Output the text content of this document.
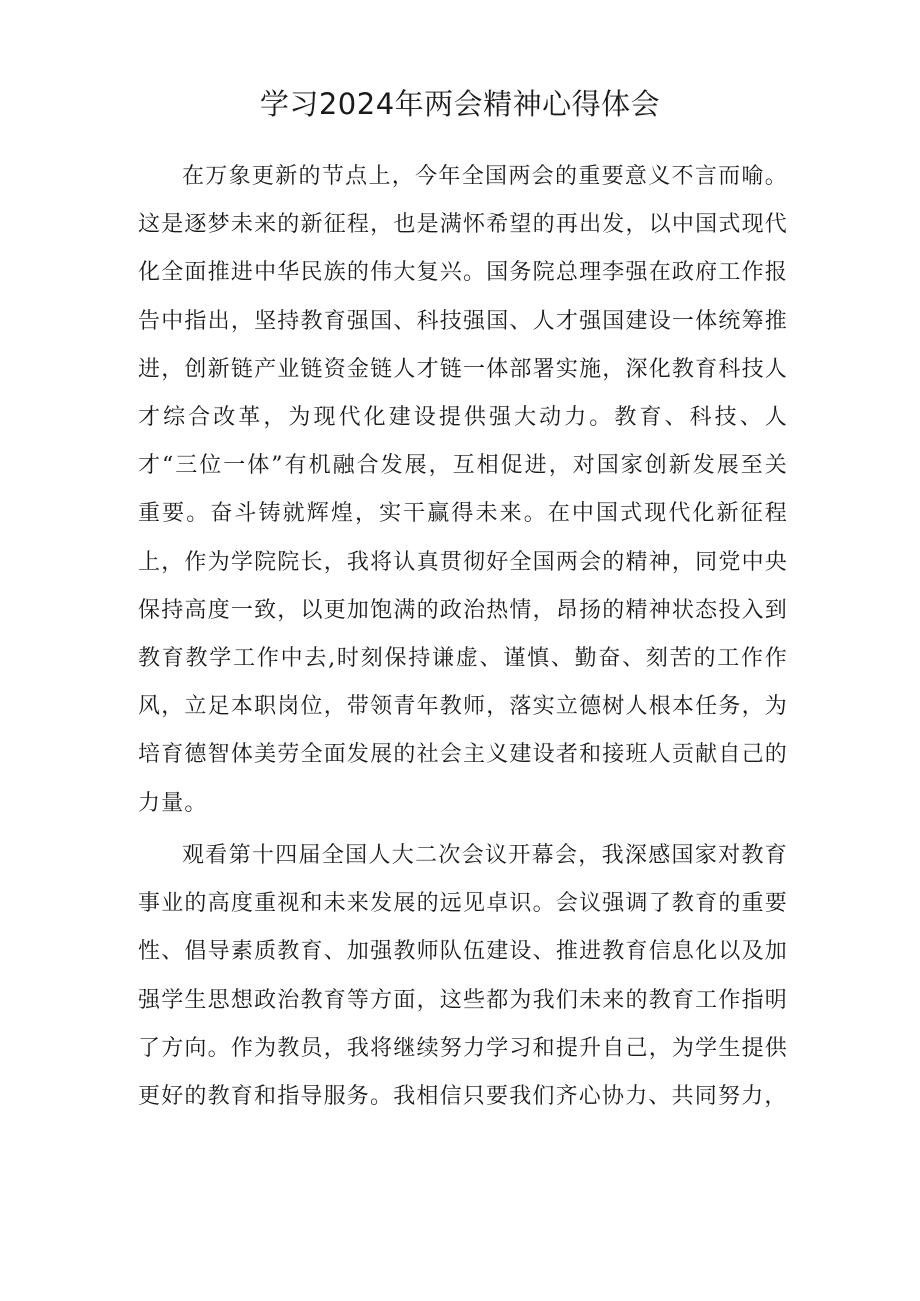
学习2024年两会精神心得体会

在万象更新的节点上，今年全国两会的重要意义不言而喻。这是逐梦未来的新征程，也是满怀希望的再出发，以中国式现代化全面推进中华民族的伟大复兴。国务院总理李强在政府工作报告中指出，坚持教育强国、科技强国、人才强国建设一体统筹推进，创新链产业链资金链人才链一体部署实施，深化教育科技人才综合改革，为现代化建设提供强大动力。教育、科技、人才“三位一体”有机融合发展，互相促进，对国家创新发展至关重要。奋斗铸就辉煌，实干赢得未来。在中国式现代化新征程上，作为学院院长，我将认真贯彻好全国两会的精神，同党中央保持高度一致，以更加饱满的政治热情，昂扬的精神状态投入到教育教学工作中去,时刻保持谦虚、谨慎、勤奋、刻苦的工作作风，立足本职岗位，带领青年教师，落实立德树人根本任务，为培育德智体美劳全面发展的社会主义建设者和接班人贡献自己的力量。

观看第十四届全国人大二次会议开幕会，我深感国家对教育事业的高度重视和未来发展的远见卓识。会议强调了教育的重要性、倡导素质教育、加强教师队伍建设、推进教育信息化以及加强学生思想政治教育等方面，这些都为我们未来的教育工作指明了方向。作为教员，我将继续努力学习和提升自己，为学生提供更好的教育和指导服务。我相信只要我们齐心协力、共同努力，
